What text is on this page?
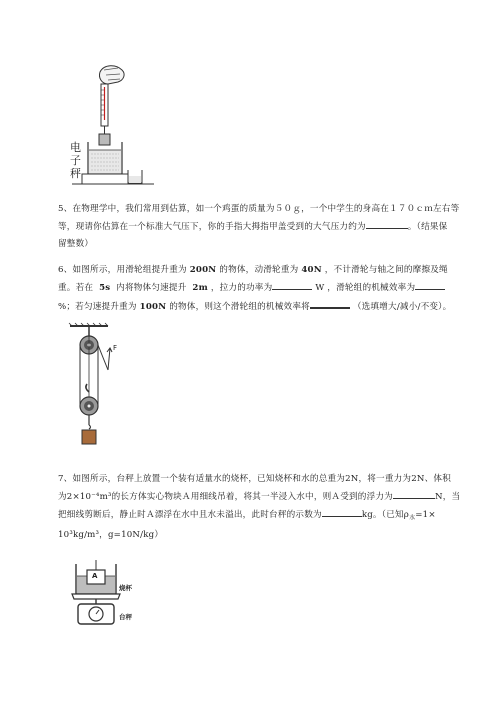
电
子
秤

5、在物理学中，我们常用到估算，如一个鸡蛋的质量为５０ｇ，一个中学生的身高在１７０ｃｍ左右等

等，现请你估算在一个标准大气压下，你的手指大拇指甲盖受到的大气压力约为	。（结果保

留整数）

6、如图所示，用滑轮组提升重为 200N 的物体，动滑轮重为 40N ，不计滑轮与轴之间的摩擦及绳

重。若在 5s 内将物体匀速提升 2m ，拉力的功率为	W ，滑轮组的机械效率为

%；若匀速提升重为 100N 的物体，则这个滑轮组的机械效率将	（选填增大/减小/不变）。

F

7、如图所示，台秤上放置一个装有适量水的烧杯，已知烧杯和水的总重为2N，将一重力为2N、体积

为2×10⁻⁴m³的长方体实心物块Ａ用细线吊着，将其一半浸入水中，则Ａ受到的浮力为	N，当

把细线剪断后，静止时Ａ漂浮在水中且水未溢出，此时台秤的示数为	kg。（已知$\rho_水=1\times$

10³kg/m³，g=10N/kg）

A
烧杯
台秤
